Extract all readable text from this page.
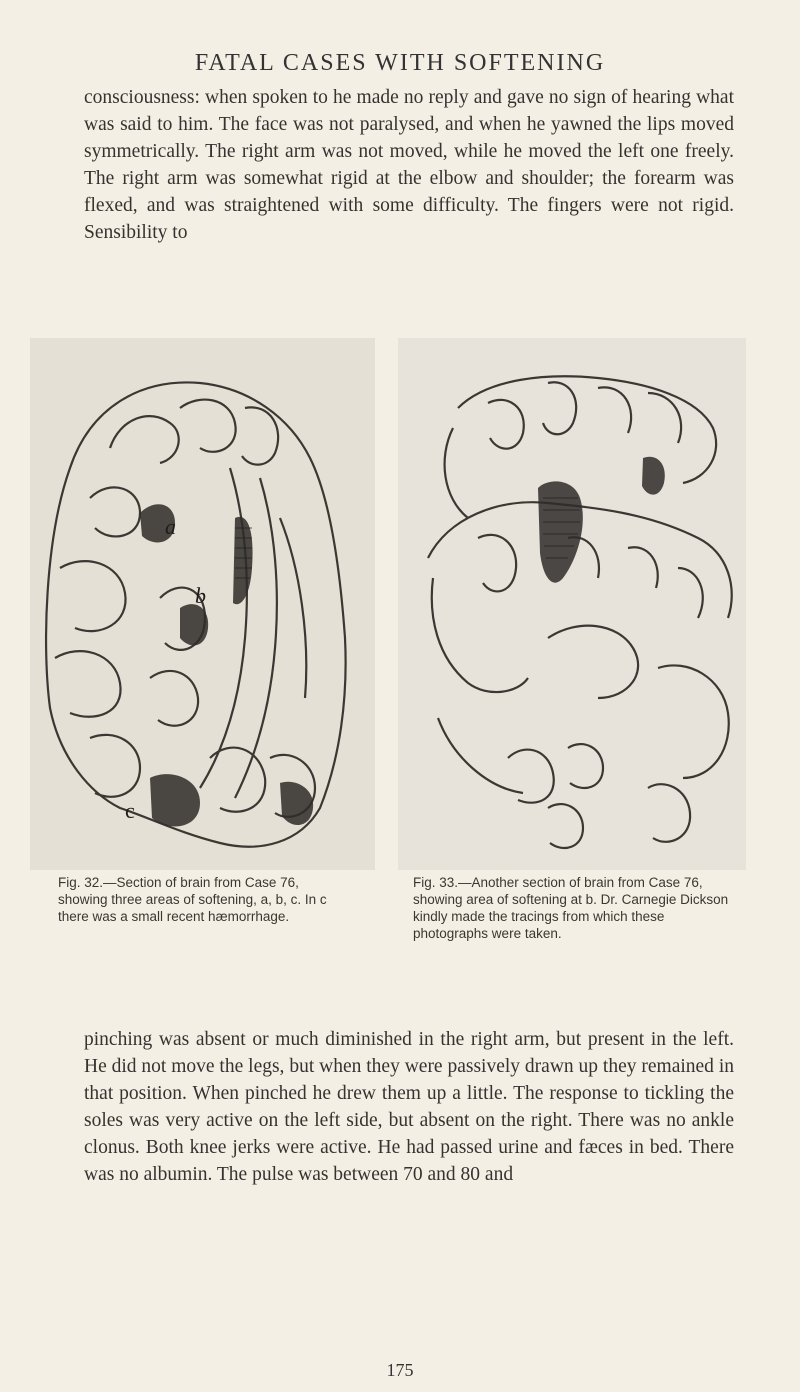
FATAL CASES WITH SOFTENING
consciousness: when spoken to he made no reply and gave no sign of hearing what was said to him. The face was not paralysed, and when he yawned the lips moved symmetrically. The right arm was not moved, while he moved the left one freely. The right arm was somewhat rigid at the elbow and shoulder; the forearm was flexed, and was straightened with some difficulty. The fingers were not rigid. Sensibility to
a
b
c
Fig. 32.—Section of brain from Case 76, showing three areas of softening, a, b, c. In c there was a small recent hæmorrhage.
Fig. 33.—Another section of brain from Case 76, showing area of softening at b. Dr. Carnegie Dickson kindly made the tracings from which these photographs were taken.
pinching was absent or much diminished in the right arm, but present in the left. He did not move the legs, but when they were passively drawn up they remained in that position. When pinched he drew them up a little. The response to tickling the soles was very active on the left side, but absent on the right. There was no ankle clonus. Both knee jerks were active. He had passed urine and fæces in bed. There was no albumin. The pulse was between 70 and 80 and
175
